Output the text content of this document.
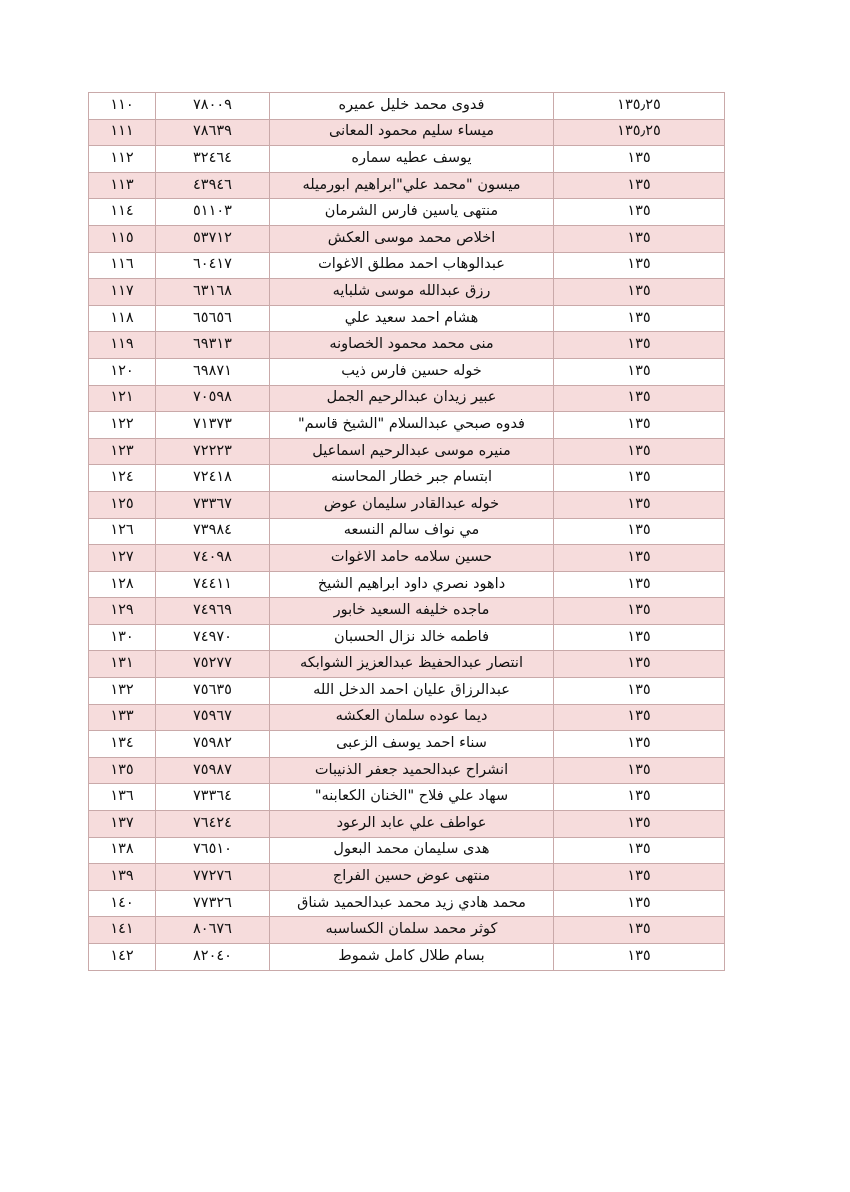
١٣٥٫٢٥	فدوى محمد خليل عميره	٧٨٠٠٩	١١٠
١٣٥٫٢٥	ميساء سليم محمود المعانى	٧٨٦٣٩	١١١
١٣٥	يوسف عطيه سماره	٣٢٤٦٤	١١٢
١٣٥	ميسون "محمد علي"ابراهيم ابورميله	٤٣٩٤٦	١١٣
١٣٥	منتهى ياسين فارس الشرمان	٥١١٠٣	١١٤
١٣٥	اخلاص محمد موسى العكش	٥٣٧١٢	١١٥
١٣٥	عبدالوهاب احمد مطلق الاغوات	٦٠٤١٧	١١٦
١٣٥	رزق عبدالله موسى شلبايه	٦٣١٦٨	١١٧
١٣٥	هشام احمد سعيد علي	٦٥٦٥٦	١١٨
١٣٥	منى محمد محمود الخصاونه	٦٩٣١٣	١١٩
١٣٥	خوله حسين فارس ذيب	٦٩٨٧١	١٢٠
١٣٥	عبير زيدان عبدالرحيم الجمل	٧٠٥٩٨	١٢١
١٣٥	فدوه صبحي عبدالسلام "الشيخ قاسم"	٧١٣٧٣	١٢٢
١٣٥	منيره موسى عبدالرحيم اسماعيل	٧٢٢٢٣	١٢٣
١٣٥	ابتسام جبر خطار المحاسنه	٧٢٤١٨	١٢٤
١٣٥	خوله عبدالقادر سليمان عوض	٧٣٣٦٧	١٢٥
١٣٥	مي نواف سالم النسعه	٧٣٩٨٤	١٢٦
١٣٥	حسين سلامه حامد الاغوات	٧٤٠٩٨	١٢٧
١٣٥	داهود نصري داود ابراهيم الشيخ	٧٤٤١١	١٢٨
١٣٥	ماجده خليفه السعيد خابور	٧٤٩٦٩	١٢٩
١٣٥	فاطمه خالد نزال الحسبان	٧٤٩٧٠	١٣٠
١٣٥	انتصار عبدالحفيظ عبدالعزيز الشوابكه	٧٥٢٧٧	١٣١
١٣٥	عبدالرزاق عليان احمد الدخل الله	٧٥٦٣٥	١٣٢
١٣٥	ديما عوده سلمان العكشه	٧٥٩٦٧	١٣٣
١٣٥	سناء احمد يوسف الزعبى	٧٥٩٨٢	١٣٤
١٣٥	انشراح عبدالحميد جعفر الذنيبات	٧٥٩٨٧	١٣٥
١٣٥	سهاد علي فلاح "الخنان الكعابنه"	٧٣٣٦٤	١٣٦
١٣٥	عواطف علي عابد الرعود	٧٦٤٢٤	١٣٧
١٣٥	هدى سليمان محمد البعول	٧٦٥١٠	١٣٨
١٣٥	منتهى عوض حسين الفراج	٧٧٢٧٦	١٣٩
١٣٥	محمد هادي زيد محمد عبدالحميد شناق	٧٧٣٢٦	١٤٠
١٣٥	كوثر محمد سلمان الكساسبه	٨٠٦٧٦	١٤١
١٣٥	بسام طلال كامل شموط	٨٢٠٤٠	١٤٢
